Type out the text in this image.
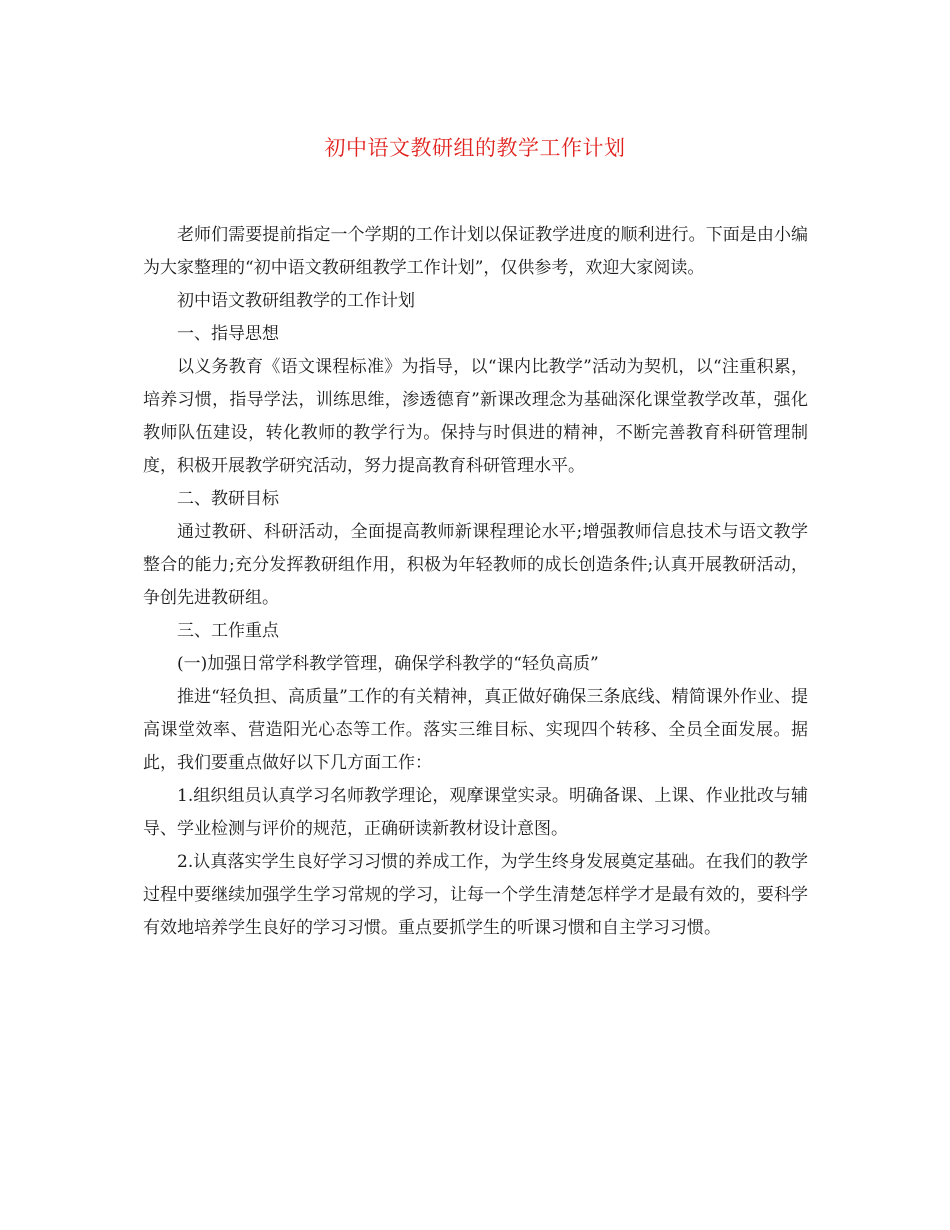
初中语文教研组的教学工作计划

老师们需要提前指定一个学期的工作计划以保证教学进度的顺利进行。下面是由小编为大家整理的“初中语文教研组教学工作计划”，仅供参考，欢迎大家阅读。

初中语文教研组教学的工作计划

一、指导思想

以义务教育《语文课程标准》为指导，以“课内比教学”活动为契机，以“注重积累，培养习惯，指导学法，训练思维，渗透德育”新课改理念为基础深化课堂教学改革，强化教师队伍建设，转化教师的教学行为。保持与时俱进的精神，不断完善教育科研管理制度，积极开展教学研究活动，努力提高教育科研管理水平。

二、教研目标

通过教研、科研活动，全面提高教师新课程理论水平;增强教师信息技术与语文教学整合的能力;充分发挥教研组作用，积极为年轻教师的成长创造条件;认真开展教研活动，争创先进教研组。

三、工作重点

(一)加强日常学科教学管理，确保学科教学的“轻负高质”

推进“轻负担、高质量”工作的有关精神，真正做好确保三条底线、精简课外作业、提高课堂效率、营造阳光心态等工作。落实三维目标、实现四个转移、全员全面发展。据此，我们要重点做好以下几方面工作：

1.组织组员认真学习名师教学理论，观摩课堂实录。明确备课、上课、作业批改与辅导、学业检测与评价的规范，正确研读新教材设计意图。

2.认真落实学生良好学习习惯的养成工作，为学生终身发展奠定基础。在我们的教学过程中要继续加强学生学习常规的学习，让每一个学生清楚怎样学才是最有效的，要科学有效地培养学生良好的学习习惯。重点要抓学生的听课习惯和自主学习习惯。
